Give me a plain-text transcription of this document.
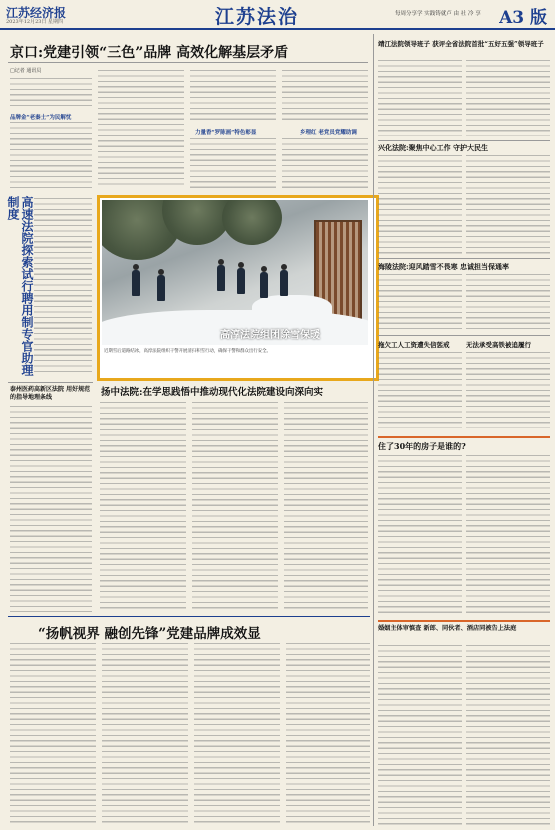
江苏经济报
2023年12月23日 星期四	江苏法治	每周分享学 实践铸就卢 由 社 冷 享 A3 版
京口:党建引领“三色”品牌 高效化解基层矛盾
□记者 通讯员
品牌金“老秦土”为民解忧
力量香“罗陈画”特色彰显	乡理红 老党员党耀助调
高速法院探索试行聘用制专官助理制度
高淳法院组团除雪保暖
近期雪后道路结冰，高淳法院组织干警开展清扫积雪行动，确保干警和群众出行安全。
泰州医药高新区法院 用好规范的指导地理条线	扬中法院:在学思践悟中推动现代化法院建设向深向实
“扬帆视界 融创先锋”党建品牌成效显
靖江法院领导班子 获评全省法院首批“五好五强”领导班子
兴化法院:聚焦中心工作 守护大民生
海陵法院:迎风踏雪不畏寒 忠诚担当保通率
拖欠工人工资遭失信惩戒	无法承受高铁被追履行
住了30年的房子是谁的?
婚姻主体审慎查 新郎、同伙者、酒店同被告上法庭
